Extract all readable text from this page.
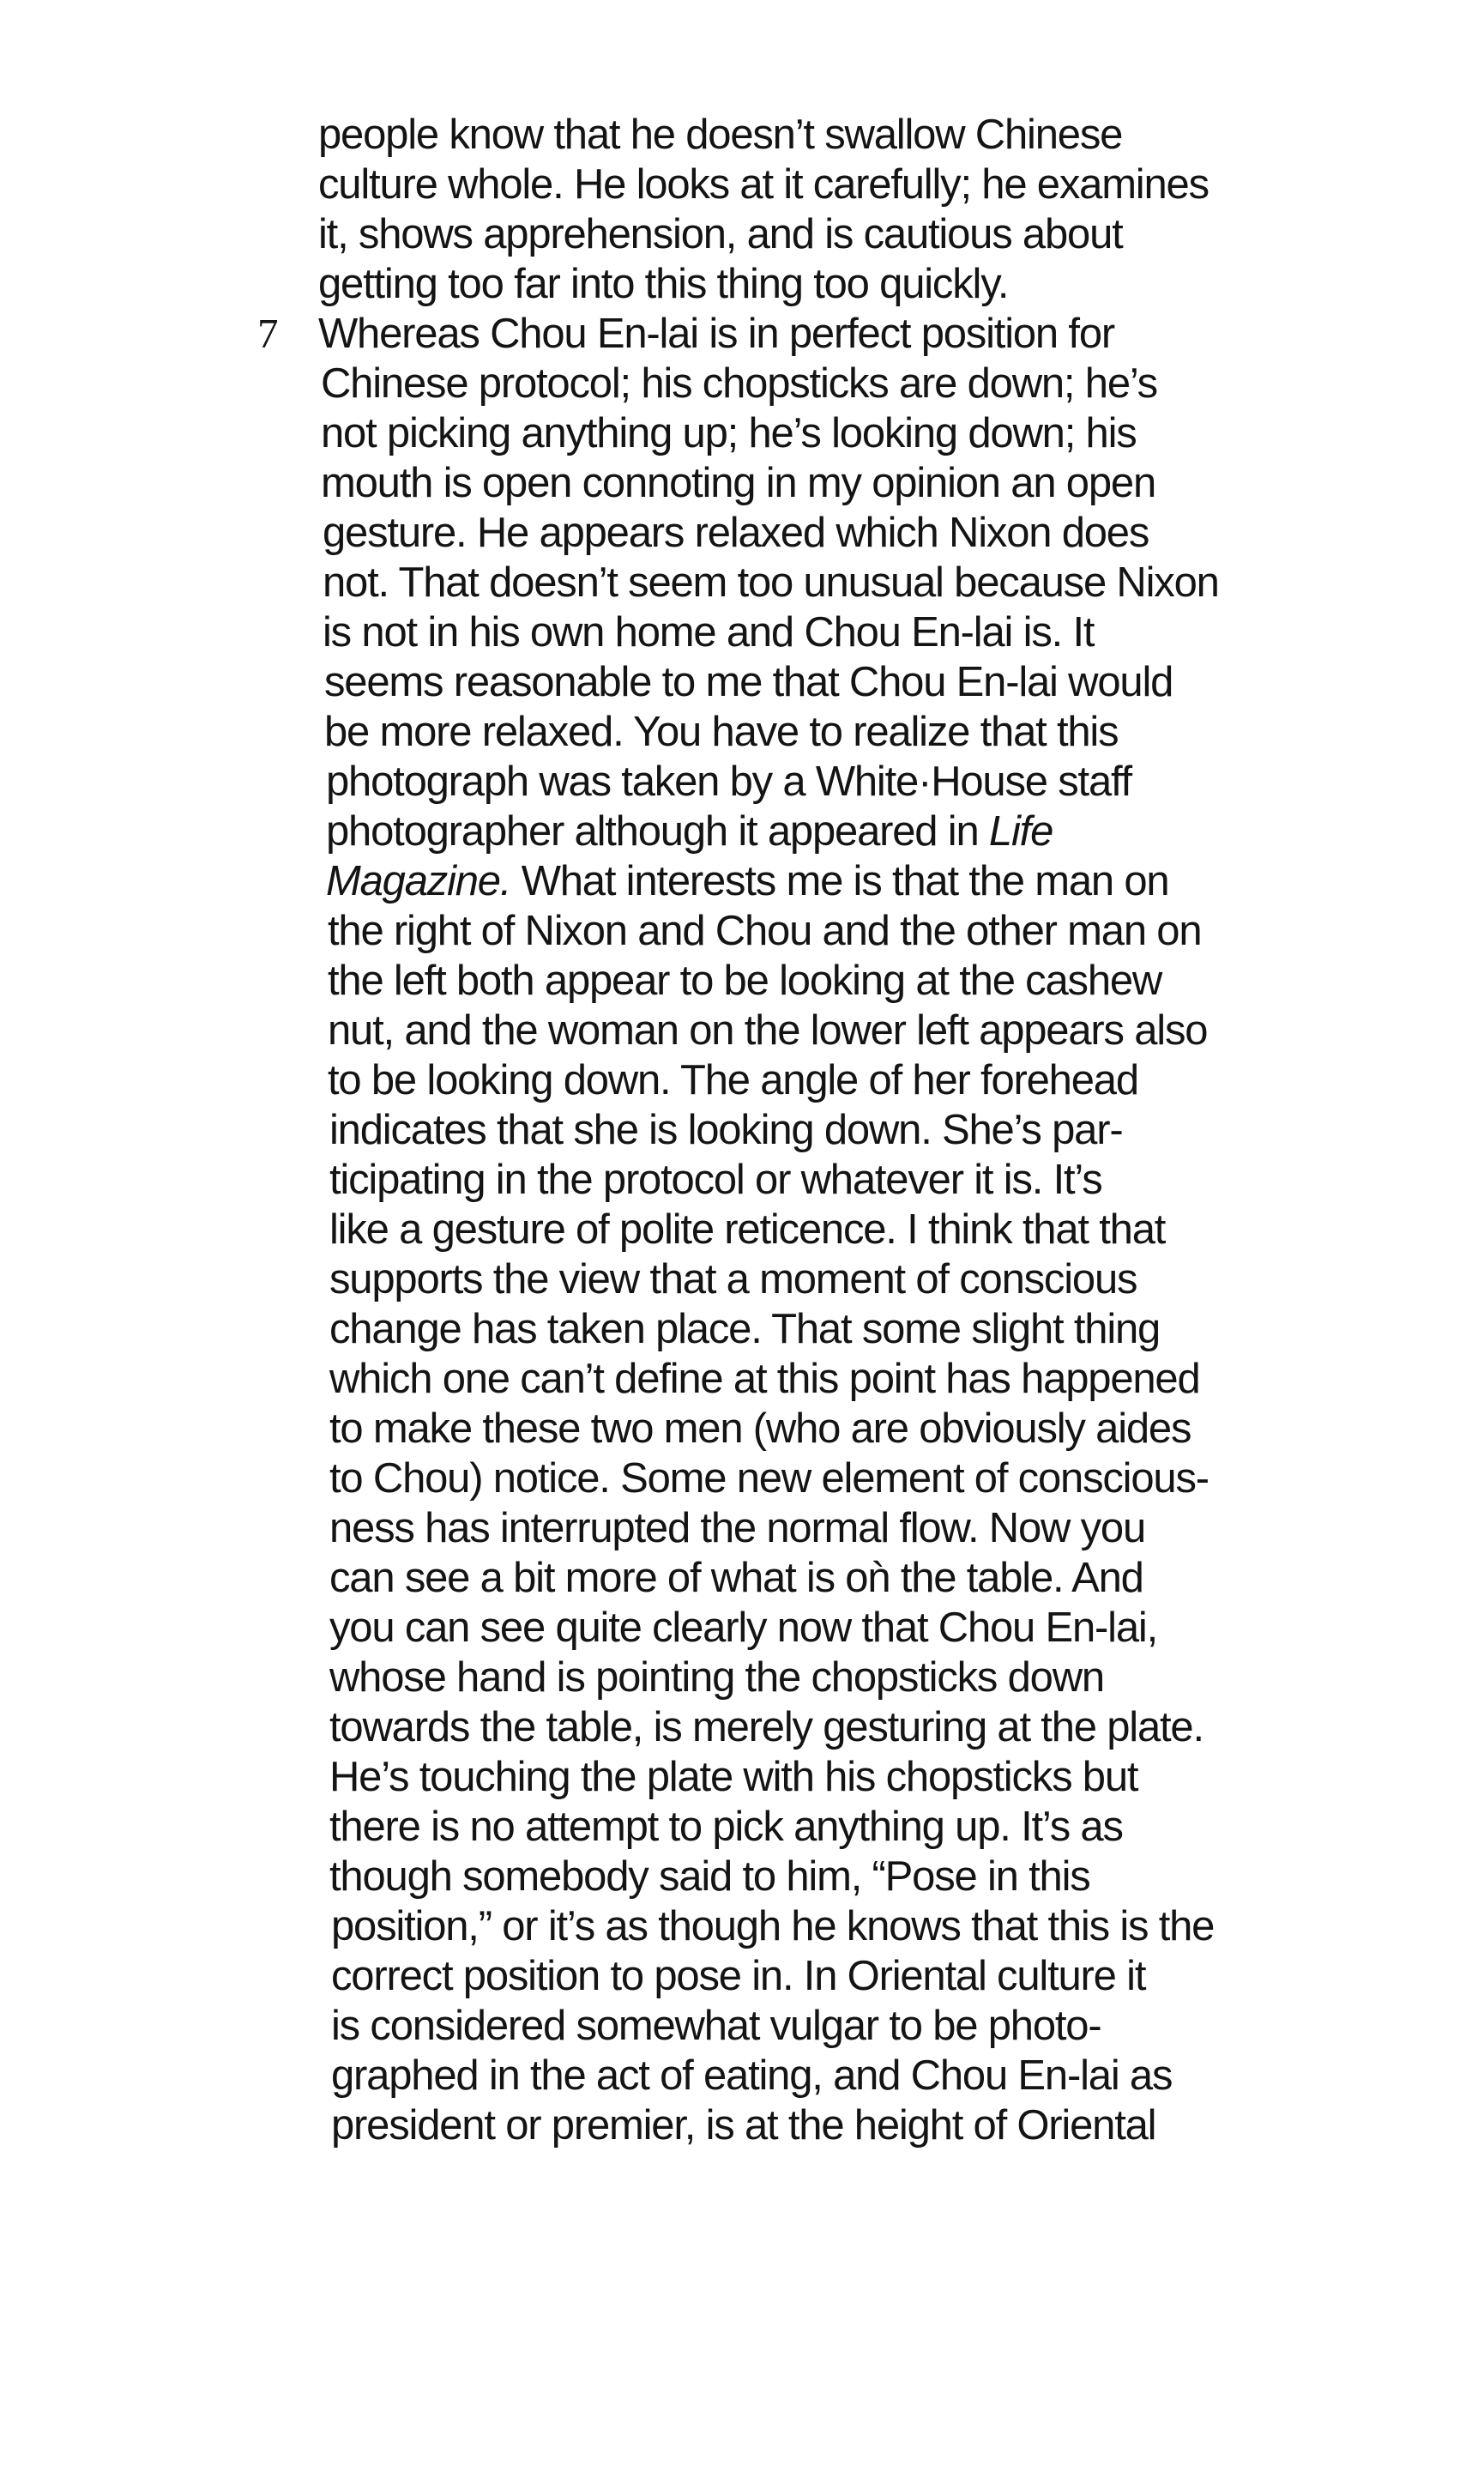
people know that he doesn’t swallow Chinese
culture whole. He looks at it carefully; he examines
it, shows apprehension, and is cautious about
getting too far into this thing too quickly.
7 Whereas Chou En-lai is in perfect position for
Chinese protocol; his chopsticks are down; he’s
not picking anything up; he’s looking down; his
mouth is open connoting in my opinion an open
gesture. He appears relaxed which Nixon does
not. That doesn’t seem too unusual because Nixon
is not in his own home and Chou En-lai is. It
seems reasonable to me that Chou En-lai would
be more relaxed. You have to realize that this
photograph was taken by a White·House staff
photographer although it appeared in Life
Magazine. What interests me is that the man on
the right of Nixon and Chou and the other man on
the left both appear to be looking at the cashew
nut, and the woman on the lower left appears also
to be looking down. The angle of her forehead
indicates that she is looking down. She’s par-
ticipating in the protocol or whatever it is. It’s
like a gesture of polite reticence. I think that that
supports the view that a moment of conscious
change has taken place. That some slight thing
which one can’t define at this point has happened
to make these two men (who are obviously aides
to Chou) notice. Some new element of conscious-
ness has interrupted the normal flow. Now you
can see a bit more of what is oǹ the table. And
you can see quite clearly now that Chou En-lai,
whose hand is pointing the chopsticks down
towards the table, is merely gesturing at the plate.
He’s touching the plate with his chopsticks but
there is no attempt to pick anything up. It’s as
though somebody said to him, “Pose in this
position,” or it’s as though he knows that this is the
correct position to pose in. In Oriental culture it
is considered somewhat vulgar to be photo-
graphed in the act of eating, and Chou En-lai as
president or premier, is at the height of Oriental
